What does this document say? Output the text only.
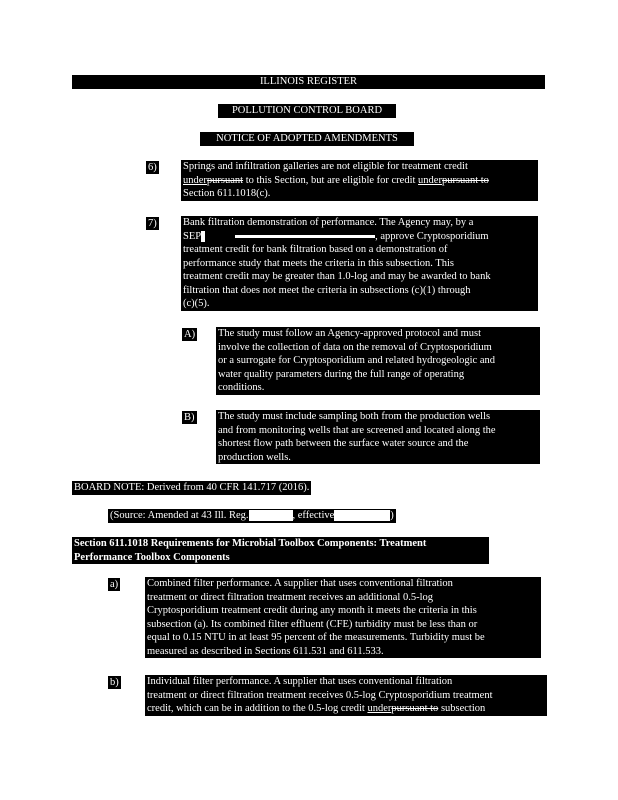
ILLINOIS REGISTER
POLLUTION CONTROL BOARD
NOTICE OF ADOPTED AMENDMENTS
6)	Springs and infiltration galleries are not eligible for treatment credit
underpursuant to this Section, but are eligible for credit underpursuant to
Section 611.1018(c).
7)	Bank filtration demonstration of performance. The Agency may, by a
SEP	, approve Cryptosporidium
treatment credit for bank filtration based on a demonstration of
performance study that meets the criteria in this subsection. This
treatment credit may be greater than 1.0-log and may be awarded to bank
filtration that does not meet the criteria in subsections (c)(1) through
(c)(5).
A) The study must follow an Agency-approved protocol and must
involve the collection of data on the removal of Cryptosporidium
or a surrogate for Cryptosporidium and related hydrogeologic and
water quality parameters during the full range of operating
conditions.
B) The study must include sampling both from the production wells
and from monitoring wells that are screened and located along the
shortest flow path between the surface water source and the
production wells.
BOARD NOTE: Derived from 40 CFR 141.717 (2016).
(Source: Amended at 43 Ill. Reg.	, effective	)
Section 611.1018 Requirements for Microbial Toolbox Components: Treatment
Performance Toolbox Components
a)	Combined filter performance. A supplier that uses conventional filtration
treatment or direct filtration treatment receives an additional 0.5-log
Cryptosporidium treatment credit during any month it meets the criteria in this
subsection (a). Its combined filter effluent (CFE) turbidity must be less than or
equal to 0.15 NTU in at least 95 percent of the measurements. Turbidity must be
measured as described in Sections 611.531 and 611.533.
b)	Individual filter performance. A supplier that uses conventional filtration
treatment or direct filtration treatment receives 0.5-log Cryptosporidium treatment
credit, which can be in addition to the 0.5-log credit underpursuant to subsection
